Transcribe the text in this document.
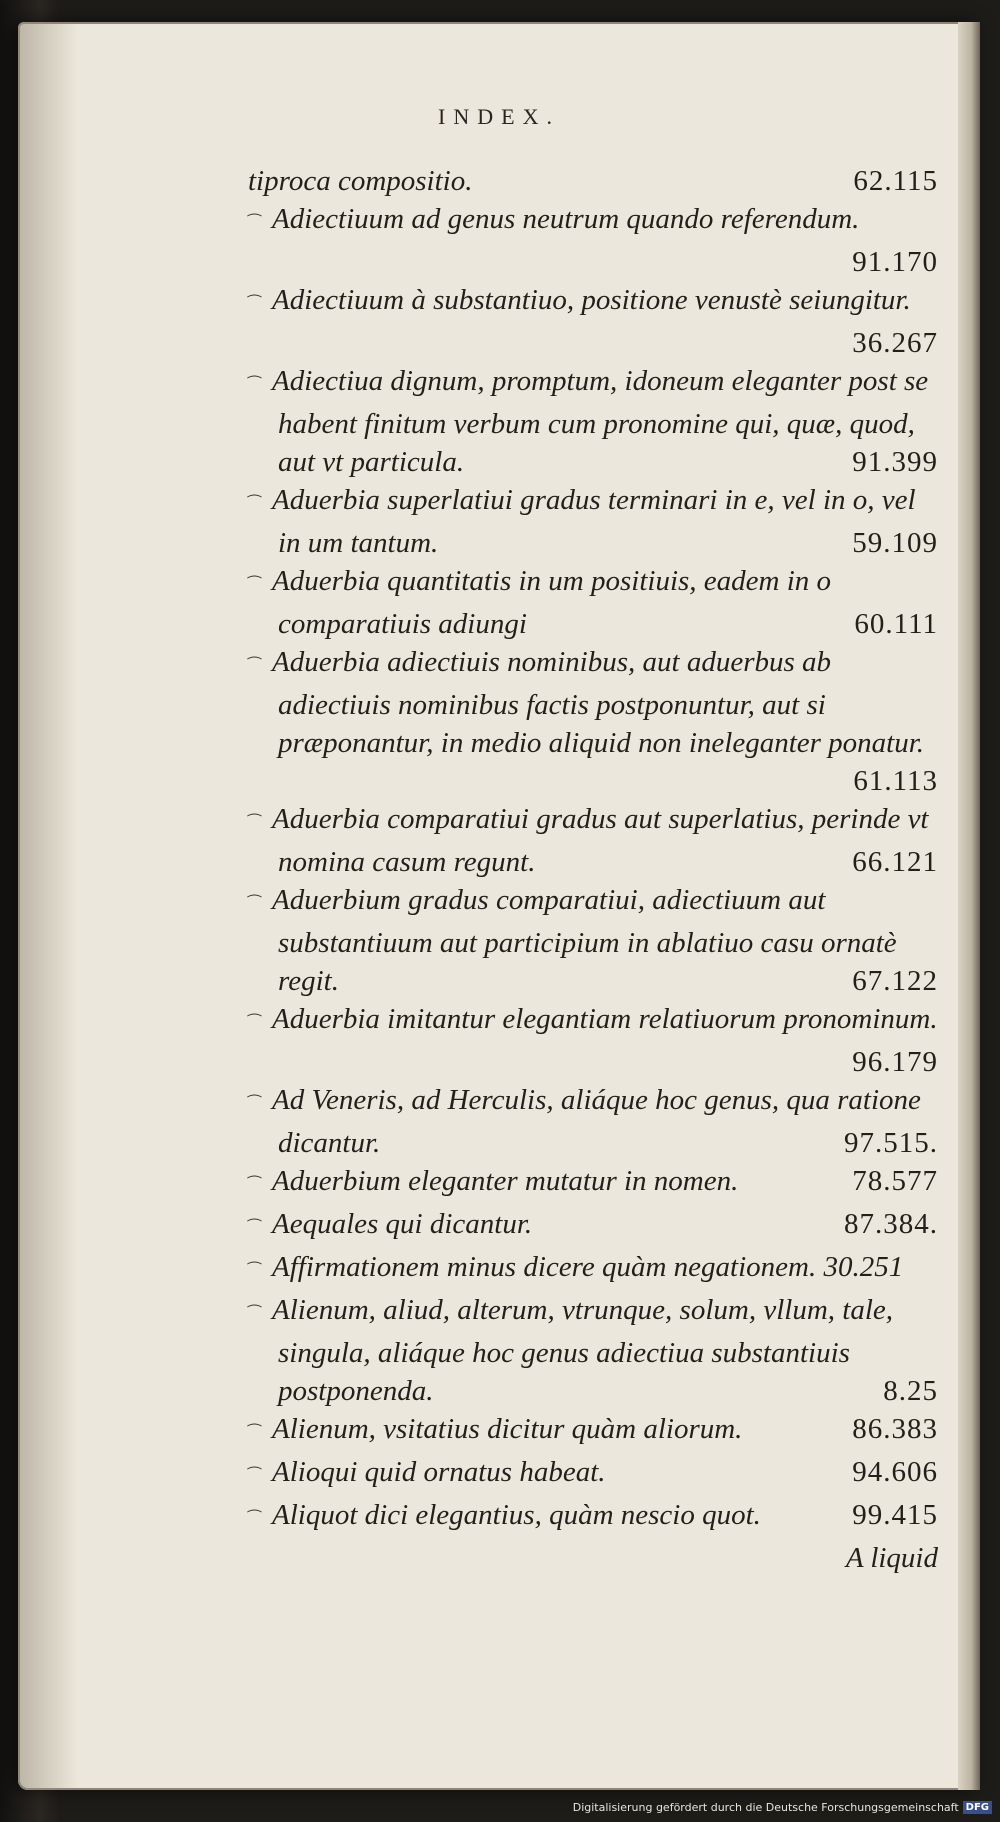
INDEX.

tiproca compositio.	62.115

⁀ Adiectiuum ad genus neutrum quando referendum.
91.170

⁀ Adiectiuum à substantiuo, positione venustè seiungitur.
36.267

⁀ Adiectiua dignum, promptum, idoneum eleganter post se habent finitum verbum cum pronomine qui, quæ, quod, aut vt particula.	91.399

⁀ Aduerbia superlatiui gradus terminari in e, vel in o, vel in um tantum.	59.109

⁀ Aduerbia quantitatis in um positiuis, eadem in o comparatiuis adiungi	60.111

⁀ Aduerbia adiectiuis nominibus, aut aduerbus ab adiectiuis nominibus factis postponuntur, aut si præponantur, in medio aliquid non ineleganter ponatur.
61.113

⁀ Aduerbia comparatiui gradus aut superlatius, perinde vt nomina casum regunt.	66.121

⁀ Aduerbium gradus comparatiui, adiectiuum aut substantiuum aut participium in ablatiuo casu ornatè regit.	67.122

⁀ Aduerbia imitantur elegantiam relatiuorum pronominum.
96.179

⁀ Ad Veneris, ad Herculis, aliáque hoc genus, qua ratione dicantur.	97.515.

⁀ Aduerbium eleganter mutatur in nomen.	78.577

⁀ Aequales qui dicantur.	87.384.

⁀ Affirmationem minus dicere quàm negationem. 30.251

⁀ Alienum, aliud, alterum, vtrunque, solum, vllum, tale, singula, aliáque hoc genus adiectiua substantiuis postponenda.	8.25

⁀ Alienum, vsitatius dicitur quàm aliorum.	86.383

⁀ Alioqui quid ornatus habeat.	94.606

⁀ Aliquot dici elegantius, quàm nescio quot.	99.415

A liquid
Digitalisierung gefördert durch die Deutsche Forschungsgemeinschaft DFG
